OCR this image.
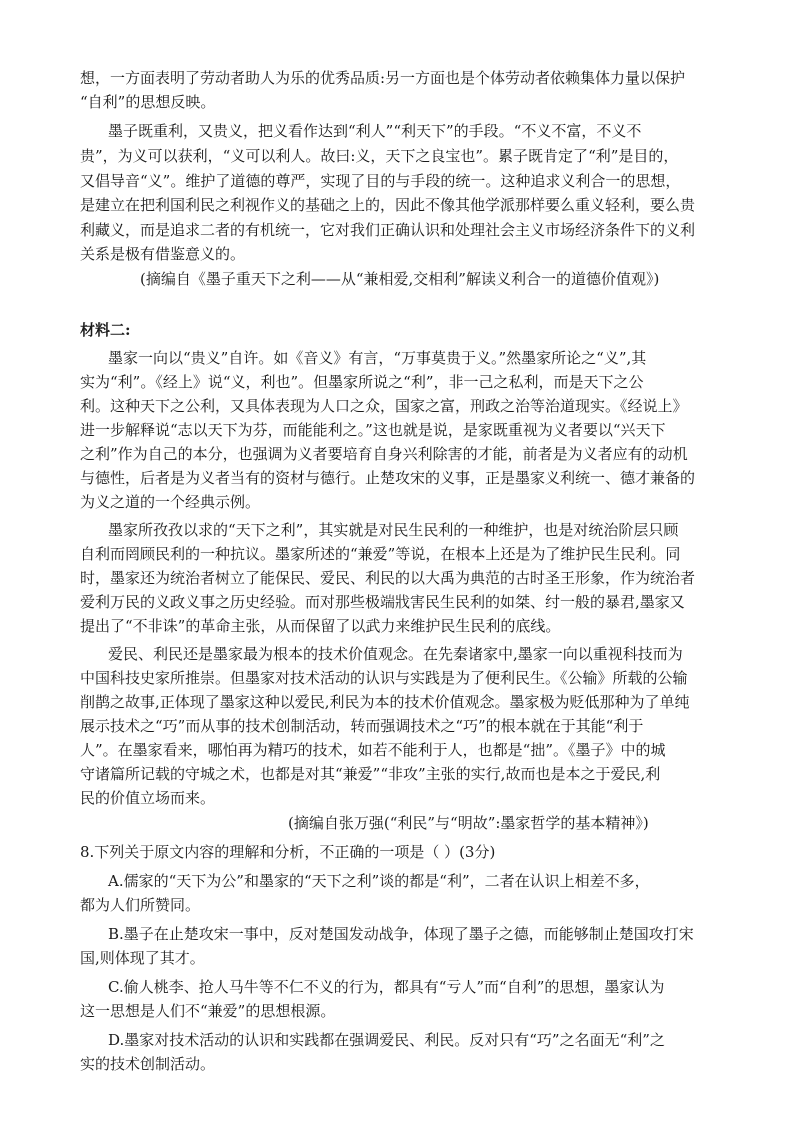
想，一方面表明了劳动者助人为乐的优秀品质:另一方面也是个体劳动者依赖集体力量以保护
“自利”的思想反映。
墨子既重利，又贵义，把义看作达到“利人”“利天下”的手段。“不义不富，不义不
贵”，为义可以获利，“义可以利人。故曰:义，天下之良宝也”。累子既肯定了“利”是目的，
又倡导音“义”。维护了道德的尊严，实现了目的与手段的统一。这种追求义利合一的思想，
是建立在把利国利民之利视作义的基础之上的，因此不像其他学派那样要么重义轻利，要么贵
利藏义，而是追求二者的有机统一，它对我们正确认识和处理社会主义市场经济条件下的义利
关系是极有借鉴意义的。
(摘编自《墨子重天下之利——从“兼相爱,交相利”解读义利合一的道德价值观》)
材料二:
墨家一向以“贵义”自许。如《音义》有言，“万事莫贵于义。”然墨家所论之“义”,其
实为“利”。《经上》说“义，利也”。但墨家所说之“利”，非一己之私利，而是天下之公
利。这种天下之公利，又具体表现为人口之众，国家之富，刑政之治等治道现实。《经说上》
进一步解释说“志以天下为芬，而能能利之。”这也就是说，是家既重视为义者要以“兴天下
之利”作为自己的本分，也强调为义者要培育自身兴利除害的才能，前者是为义者应有的动机
与德性，后者是为义者当有的资材与德行。止楚攻宋的义事，正是墨家义利统一、德才兼备的
为义之道的一个经典示例。
墨家所孜孜以求的“天下之利”，其实就是对民生民利的一种维护，也是对统治阶层只顾
自利而罔顾民利的一种抗议。墨家所述的“兼爱”等说，在根本上还是为了维护民生民利。同
时，墨家还为统治者树立了能保民、爱民、利民的以大禹为典范的古时圣王形象，作为统治者
爱利万民的义政义事之历史经验。而对那些极端戕害民生民利的如桀、纣一般的暴君,墨家又
提出了“不非诛”的革命主张，从而保留了以武力来维护民生民利的底线。
爱民、利民还是墨家最为根本的技术价值观念。在先秦诸家中,墨家一向以重视科技而为
中国科技史家所推崇。但墨家对技术活动的认识与实践是为了便利民生。《公输》所载的公输
削鹊之故事,正体现了墨家这种以爱民,利民为本的技术价值观念。墨家极为贬低那种为了单纯
展示技术之“巧”而从事的技术创制活动，转而强调技术之“巧”的根本就在于其能“利于
人”。在墨家看来，哪怕再为精巧的技术，如若不能利于人，也都是“拙”。《墨子》中的城
守诸篇所记载的守城之术，也都是对其“兼爱”“非攻”主张的实行,故而也是本之于爱民,利
民的价值立场而来。
(摘编自张万强(“利民”与“明故”:墨家哲学的基本精神》)
8.下列关于原文内容的理解和分析，不正确的一项是（ ）(3分)
A.儒家的“天下为公”和墨家的“天下之利”谈的都是“利”，二者在认识上相差不多，
都为人们所赞同。
B.墨子在止楚攻宋一事中，反对楚国发动战争，体现了墨子之德，而能够制止楚国攻打宋
国,则体现了其才。
C.偷人桃李、抢人马牛等不仁不义的行为，都具有“亏人”而“自利”的思想，墨家认为
这一思想是人们不“兼爱”的思想根源。
D.墨家对技术活动的认识和实践都在强调爱民、利民。反对只有“巧”之名面无“利”之
实的技术创制活动。
